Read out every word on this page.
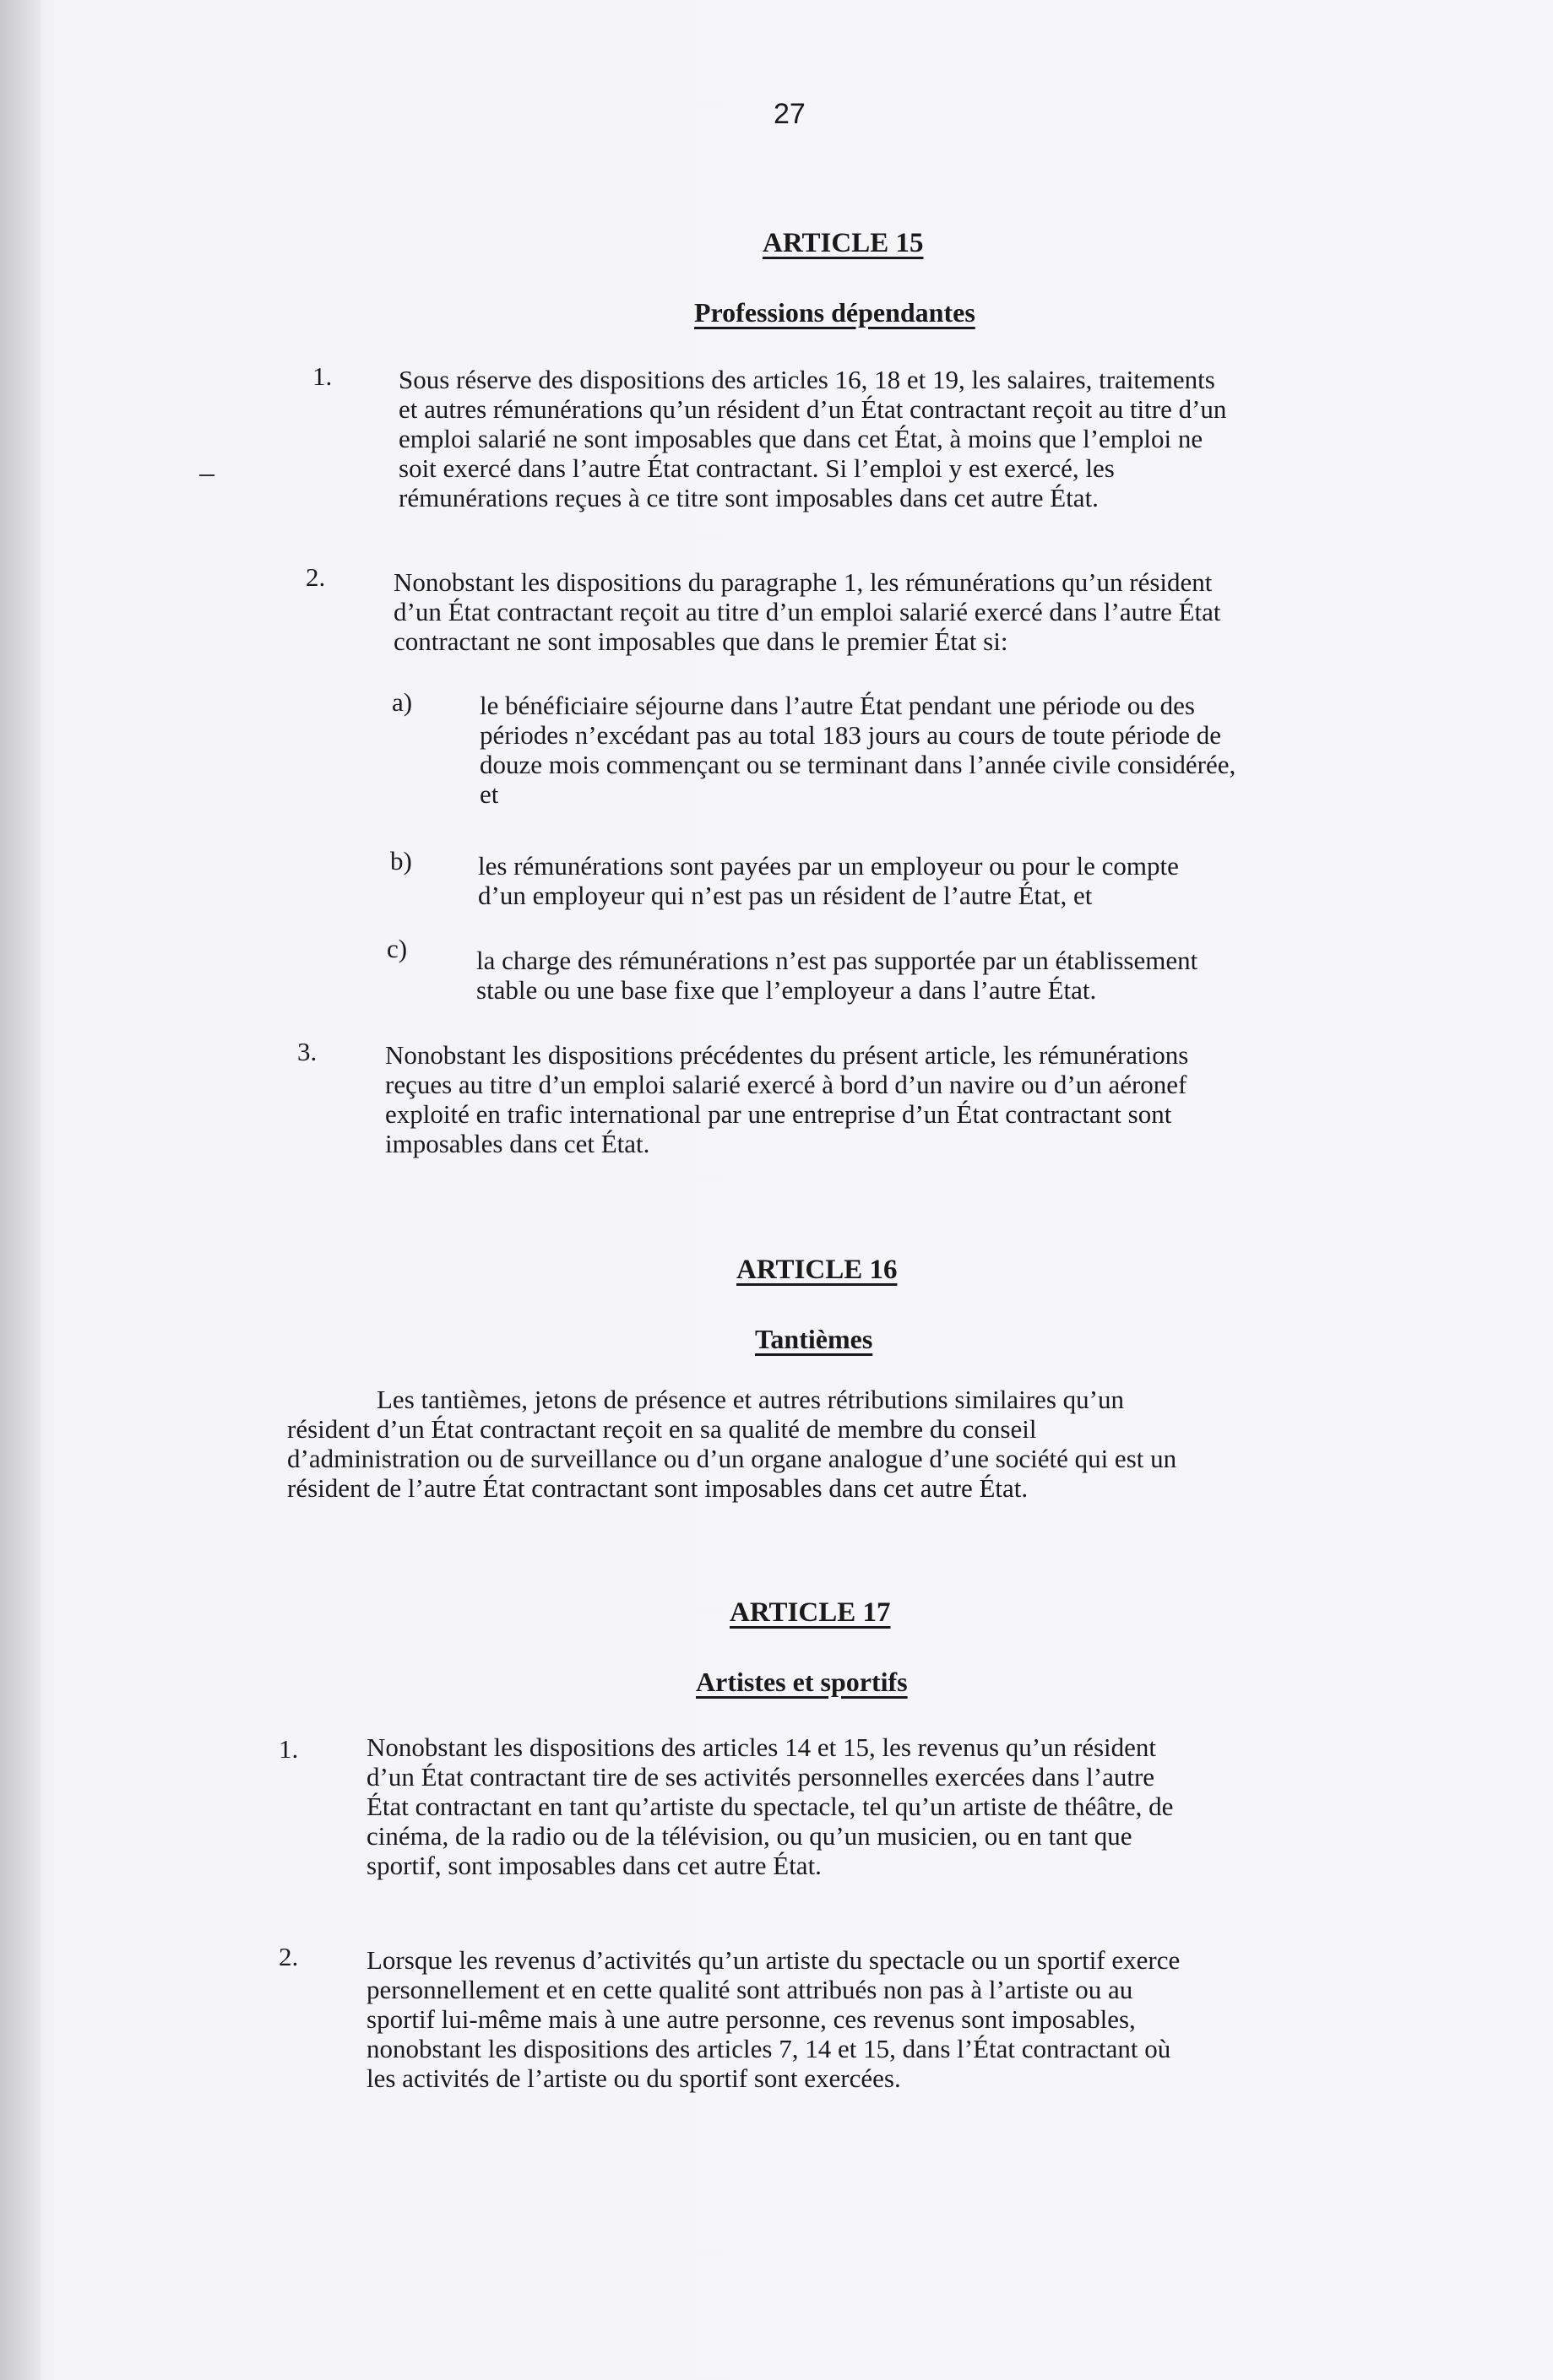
27
ARTICLE 15
Professions dépendantes
1.	Sous réserve des dispositions des articles 16, 18 et 19, les salaires, traitements

et autres rémunérations qu’un résident d’un État contractant reçoit au titre d’un

emploi salarié ne sont imposables que dans cet État, à moins que l’emploi ne

soit exercé dans l’autre État contractant. Si l’emploi y est exercé, les

rémunérations reçues à ce titre sont imposables dans cet autre État.

2.	Nonobstant les dispositions du paragraphe 1, les rémunérations qu’un résident

d’un État contractant reçoit au titre d’un emploi salarié exercé dans l’autre État

contractant ne sont imposables que dans le premier État si:

a)	le bénéficiaire séjourne dans l’autre État pendant une période ou des

périodes n’excédant pas au total 183 jours au cours de toute période de

douze mois commençant ou se terminant dans l’année civile considérée,

et

b)	les rémunérations sont payées par un employeur ou pour le compte

d’un employeur qui n’est pas un résident de l’autre État, et

c)	la charge des rémunérations n’est pas supportée par un établissement

stable ou une base fixe que l’employeur a dans l’autre État.

3.	Nonobstant les dispositions précédentes du présent article, les rémunérations

reçues au titre d’un emploi salarié exercé à bord d’un navire ou d’un aéronef

exploité en trafic international par une entreprise d’un État contractant sont

imposables dans cet État.

ARTICLE 16
Tantièmes

Les tantièmes, jetons de présence et autres rétributions similaires qu’un

résident d’un État contractant reçoit en sa qualité de membre du conseil

d’administration ou de surveillance ou d’un organe analogue d’une société qui est un

résident de l’autre État contractant sont imposables dans cet autre État.

ARTICLE 17
Artistes et sportifs
1.	Nonobstant les dispositions des articles 14 et 15, les revenus qu’un résident

d’un État contractant tire de ses activités personnelles exercées dans l’autre

État contractant en tant qu’artiste du spectacle, tel qu’un artiste de théâtre, de

cinéma, de la radio ou de la télévision, ou qu’un musicien, ou en tant que

sportif, sont imposables dans cet autre État.

2.	Lorsque les revenus d’activités qu’un artiste du spectacle ou un sportif exerce

personnellement et en cette qualité sont attribués non pas à l’artiste ou au

sportif lui-même mais à une autre personne, ces revenus sont imposables,

nonobstant les dispositions des articles 7, 14 et 15, dans l’État contractant où

les activités de l’artiste ou du sportif sont exercées.
